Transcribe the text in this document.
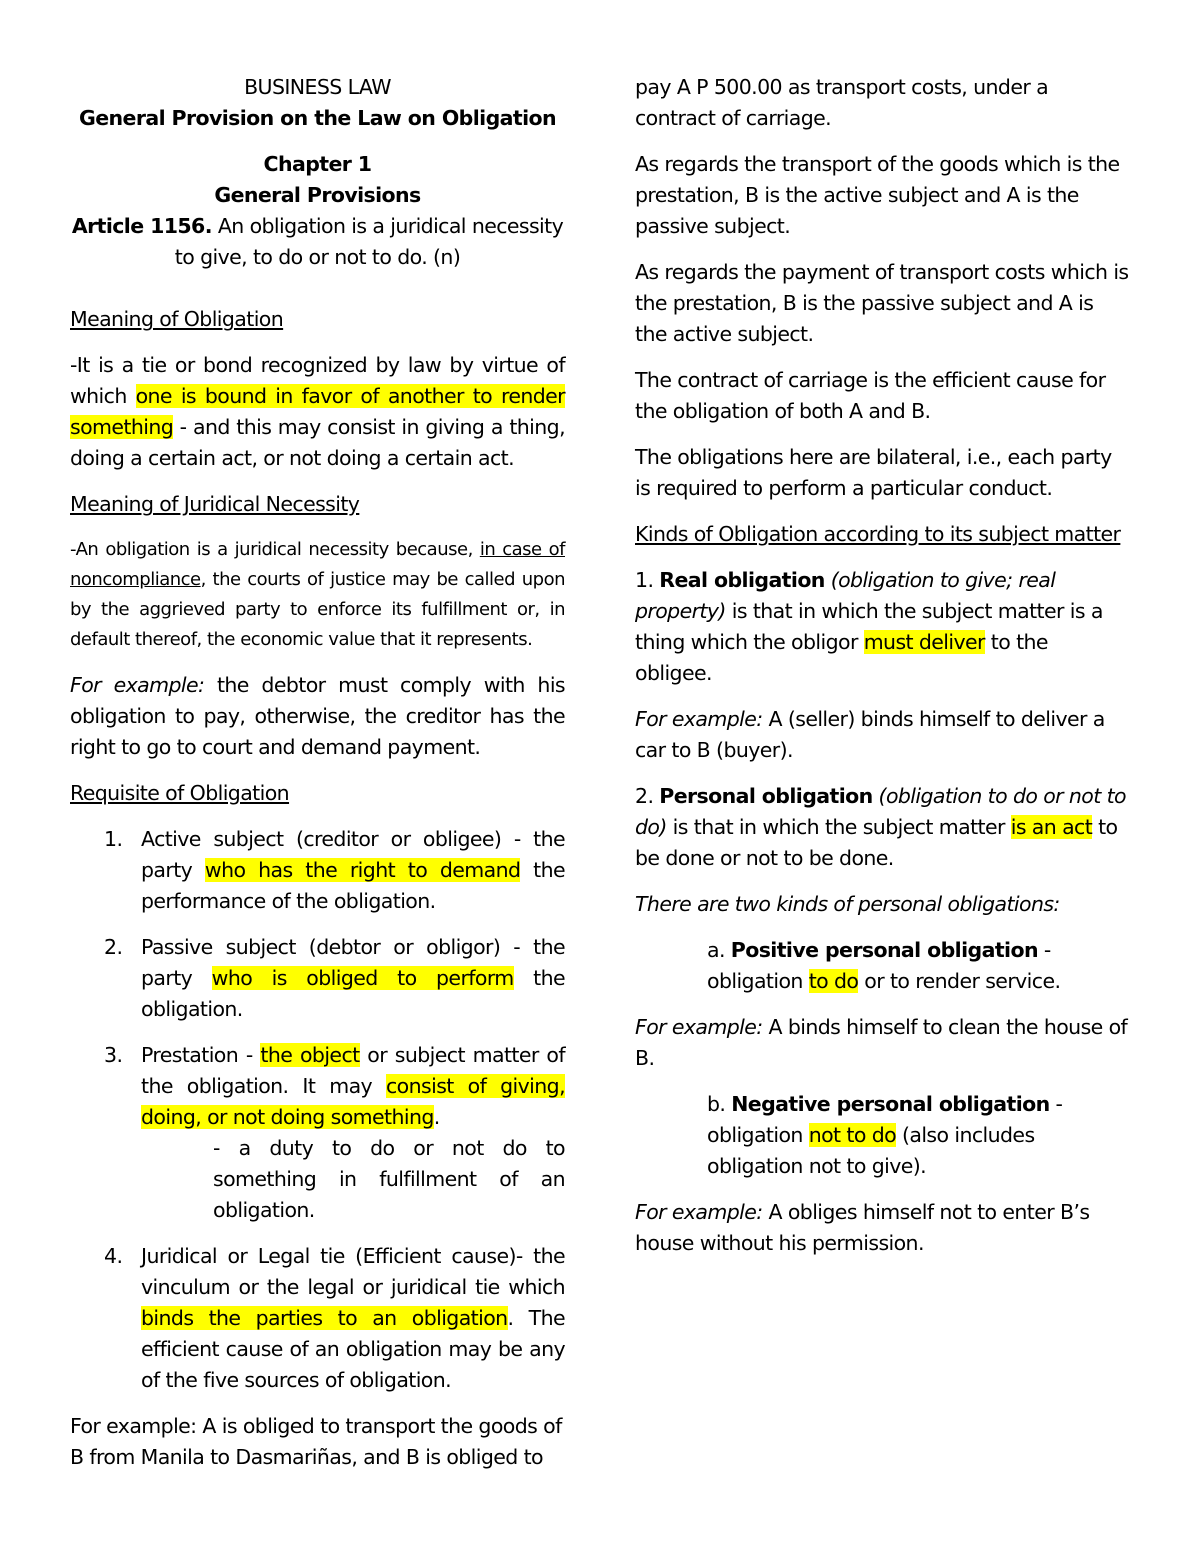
BUSINESS LAW

General Provision on the Law on Obligation

Chapter 1

General Provisions

Article 1156. An obligation is a juridical necessity to give, to do or not to do. (n)

Meaning of Obligation

-It is a tie or bond recognized by law by virtue of which one is bound in favor of another to render something - and this may consist in giving a thing, doing a certain act, or not doing a certain act.

Meaning of Juridical Necessity

-An obligation is a juridical necessity because, in case of noncompliance, the courts of justice may be called upon by the aggrieved party to enforce its fulfillment or, in default thereof, the economic value that it represents.

For example: the debtor must comply with his obligation to pay, otherwise, the creditor has the right to go to court and demand payment.

Requisite of Obligation

1. Active subject (creditor or obligee) - the party who has the right to demand the performance of the obligation.
2. Passive subject (debtor or obligor) - the party who is obliged to perform the obligation.
3. Prestation - the object or subject matter of the obligation. It may consist of giving, doing, or not doing something.
- a duty to do or not do to something in fulfillment of an obligation.
4. Juridical or Legal tie (Efficient cause)- the vinculum or the legal or juridical tie which binds the parties to an obligation. The efficient cause of an obligation may be any of the five sources of obligation.

For example: A is obliged to transport the goods of B from Manila to Dasmariñas, and B is obliged to

pay A P 500.00 as transport costs, under a contract of carriage.

As regards the transport of the goods which is the prestation, B is the active subject and A is the passive subject.

As regards the payment of transport costs which is the prestation, B is the passive subject and A is the active subject.

The contract of carriage is the efficient cause for the obligation of both A and B.

The obligations here are bilateral, i.e., each party is required to perform a particular conduct.

Kinds of Obligation according to its subject matter

1. Real obligation (obligation to give; real property) is that in which the subject matter is a thing which the obligor must deliver to the obligee.

For example: A (seller) binds himself to deliver a car to B (buyer).

2. Personal obligation (obligation to do or not to do) is that in which the subject matter is an act to be done or not to be done.

There are two kinds of personal obligations:

a. Positive personal obligation - obligation to do or to render service.

For example: A binds himself to clean the house of B.

b. Negative personal obligation - obligation not to do (also includes obligation not to give).

For example: A obliges himself not to enter B’s house without his permission.
